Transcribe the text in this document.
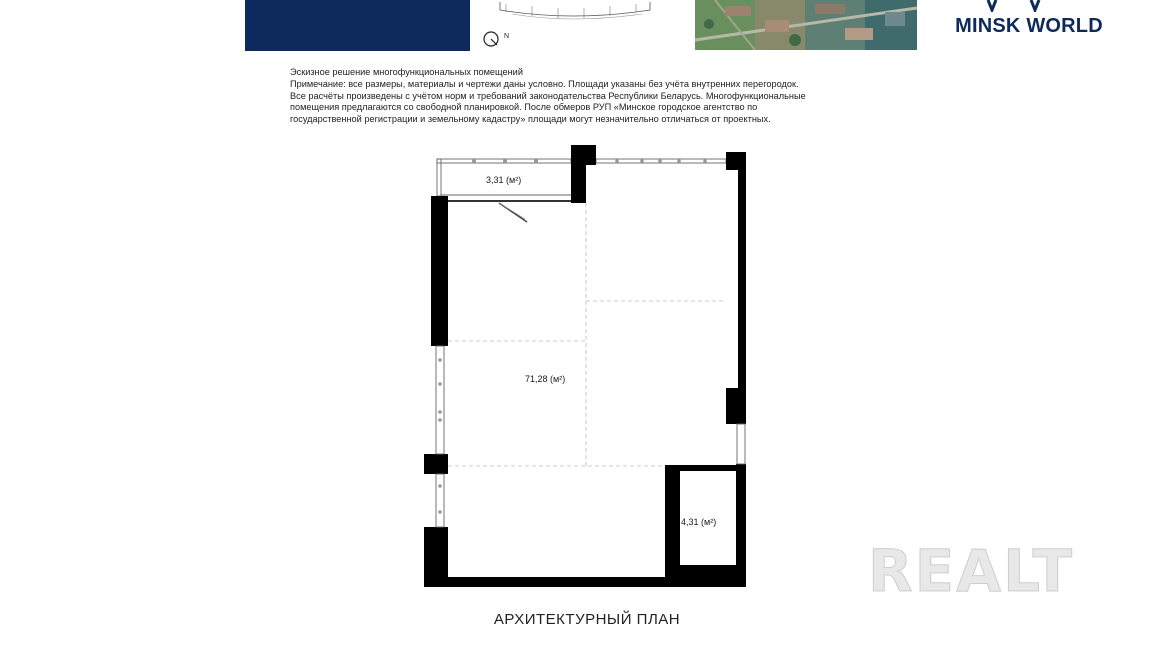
N	MINSK WORLD
Эскизное решение многофункциональных помещений
Примечание: все размеры, материалы и чертежи даны условно. Площади указаны без учёта внутренних перегородок.
Все расчёты произведены с учётом норм и требований законодательства Республики Беларусь. Многофункциональные
помещения предлагаются со свободной планировкой. После обмеров РУП «Минское городское агентство по
государственной регистрации и земельному кадастру» площади могут незначительно отличаться от проектных.
3,31 (м²)
71,28 (м²)
4,31 (м²)
АРХИТЕКТУРНЫЙ ПЛАН
REALT
